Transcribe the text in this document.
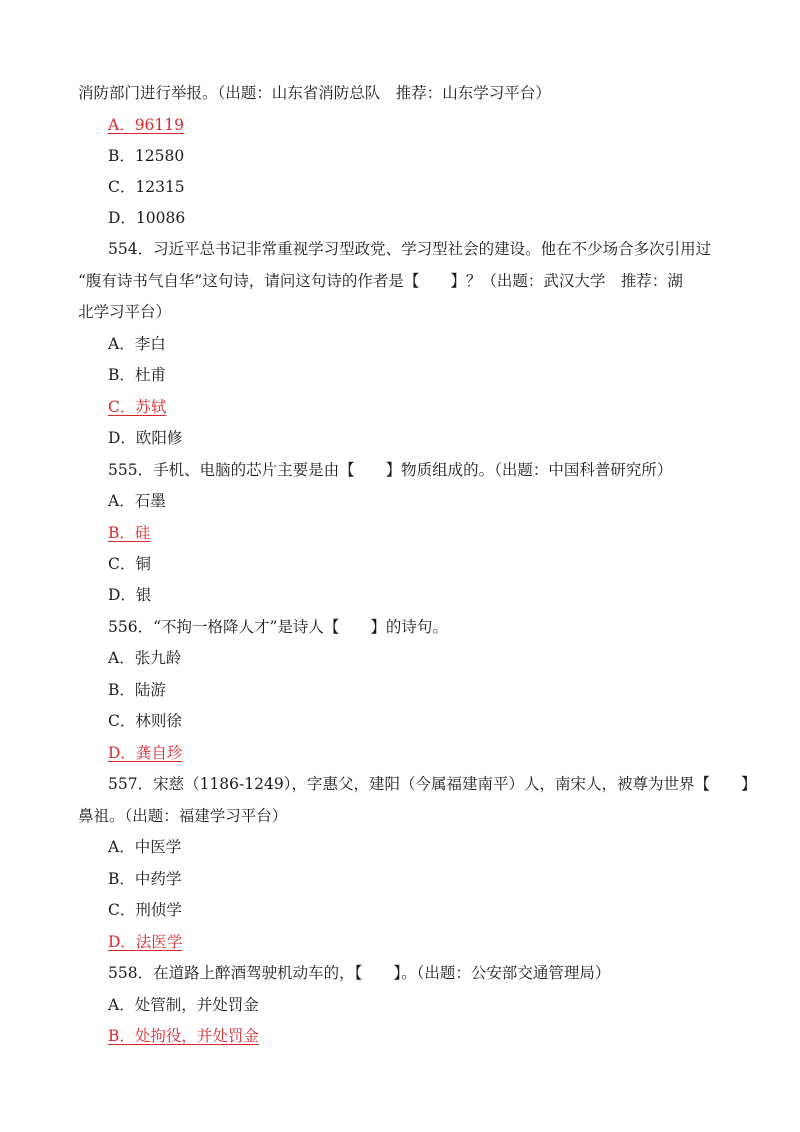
消防部门进行举报。（出题：山东省消防总队　推荐：山东学习平台）
A．96119
B．12580
C．12315
D．10086
554．习近平总书记非常重视学习型政党、学习型社会的建设。他在不少场合多次引用过
“腹有诗书气自华”这句诗，请问这句诗的作者是【　　】？（出题：武汉大学　推荐：湖
北学习平台）
A．李白
B．杜甫
C．苏轼
D．欧阳修
555．手机、电脑的芯片主要是由【　　】物质组成的。（出题：中国科普研究所）
A．石墨
B．硅
C．铜
D．银
556．“不拘一格降人才”是诗人【　　】的诗句。
A．张九龄
B．陆游
C．林则徐
D．龚自珍
557．宋慈（1186-1249），字惠父，建阳（今属福建南平）人，南宋人，被尊为世界【　　】
鼻祖。（出题：福建学习平台）
A．中医学
B．中药学
C．刑侦学
D．法医学
558．在道路上醉酒驾驶机动车的，【　　】。（出题：公安部交通管理局）
A．处管制，并处罚金
B．处拘役，并处罚金
